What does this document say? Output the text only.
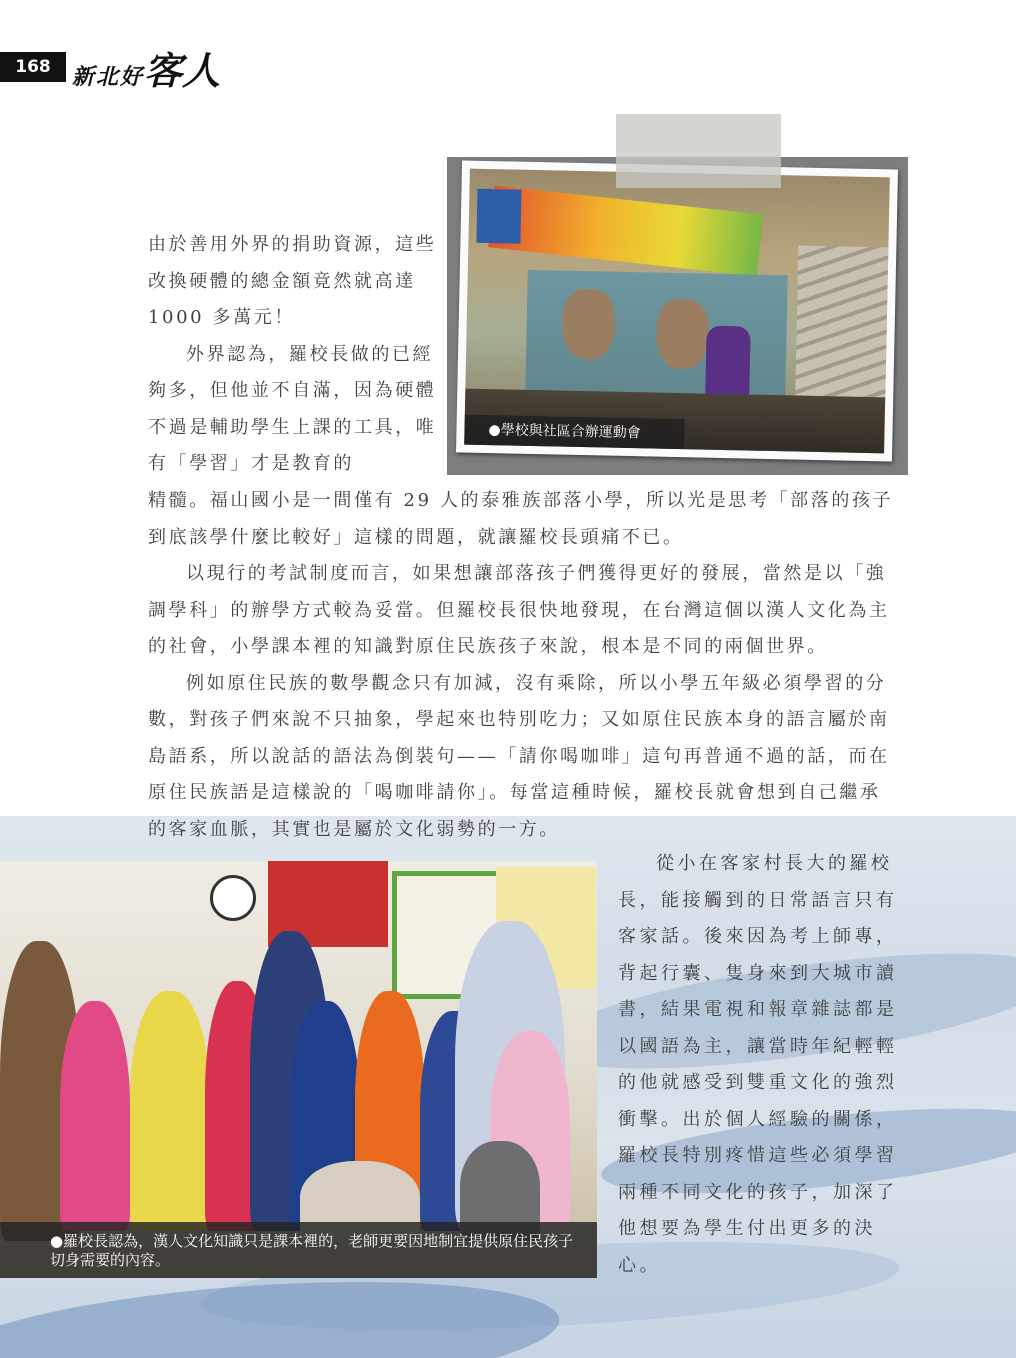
168 新北好客人
●學校與社區合辦運動會

由於善用外界的捐助資源，這些改換硬體的總金額竟然就高達 1000 多萬元！

外界認為，羅校長做的已經夠多，但他並不自滿，因為硬體不過是輔助學生上課的工具，唯有「學習」才是教育的

精髓。福山國小是一間僅有 29 人的泰雅族部落小學，所以光是思考「部落的孩子到底該學什麼比較好」這樣的問題，就讓羅校長頭痛不已。

以現行的考試制度而言，如果想讓部落孩子們獲得更好的發展，當然是以「強調學科」的辦學方式較為妥當。但羅校長很快地發現，在台灣這個以漢人文化為主的社會，小學課本裡的知識對原住民族孩子來說，根本是不同的兩個世界。

例如原住民族的數學觀念只有加減，沒有乘除，所以小學五年級必須學習的分數，對孩子們來說不只抽象，學起來也特別吃力；又如原住民族本身的語言屬於南島語系，所以說話的語法為倒裝句——「請你喝咖啡」這句再普通不過的話，而在原住民族語是這樣說的「喝咖啡請你」。每當這種時候，羅校長就會想到自己繼承的客家血脈，其實也是屬於文化弱勢的一方。

●羅校長認為，漢人文化知識只是課本裡的，老師更要因地制宜提供原住民孩子切身需要的內容。

從小在客家村長大的羅校長，能接觸到的日常語言只有客家話。後來因為考上師專，背起行囊、隻身來到大城市讀書，結果電視和報章雜誌都是以國語為主，讓當時年紀輕輕的他就感受到雙重文化的強烈衝擊。出於個人經驗的關係，羅校長特別疼惜這些必須學習兩種不同文化的孩子，加深了他想要為學生付出更多的決心。
